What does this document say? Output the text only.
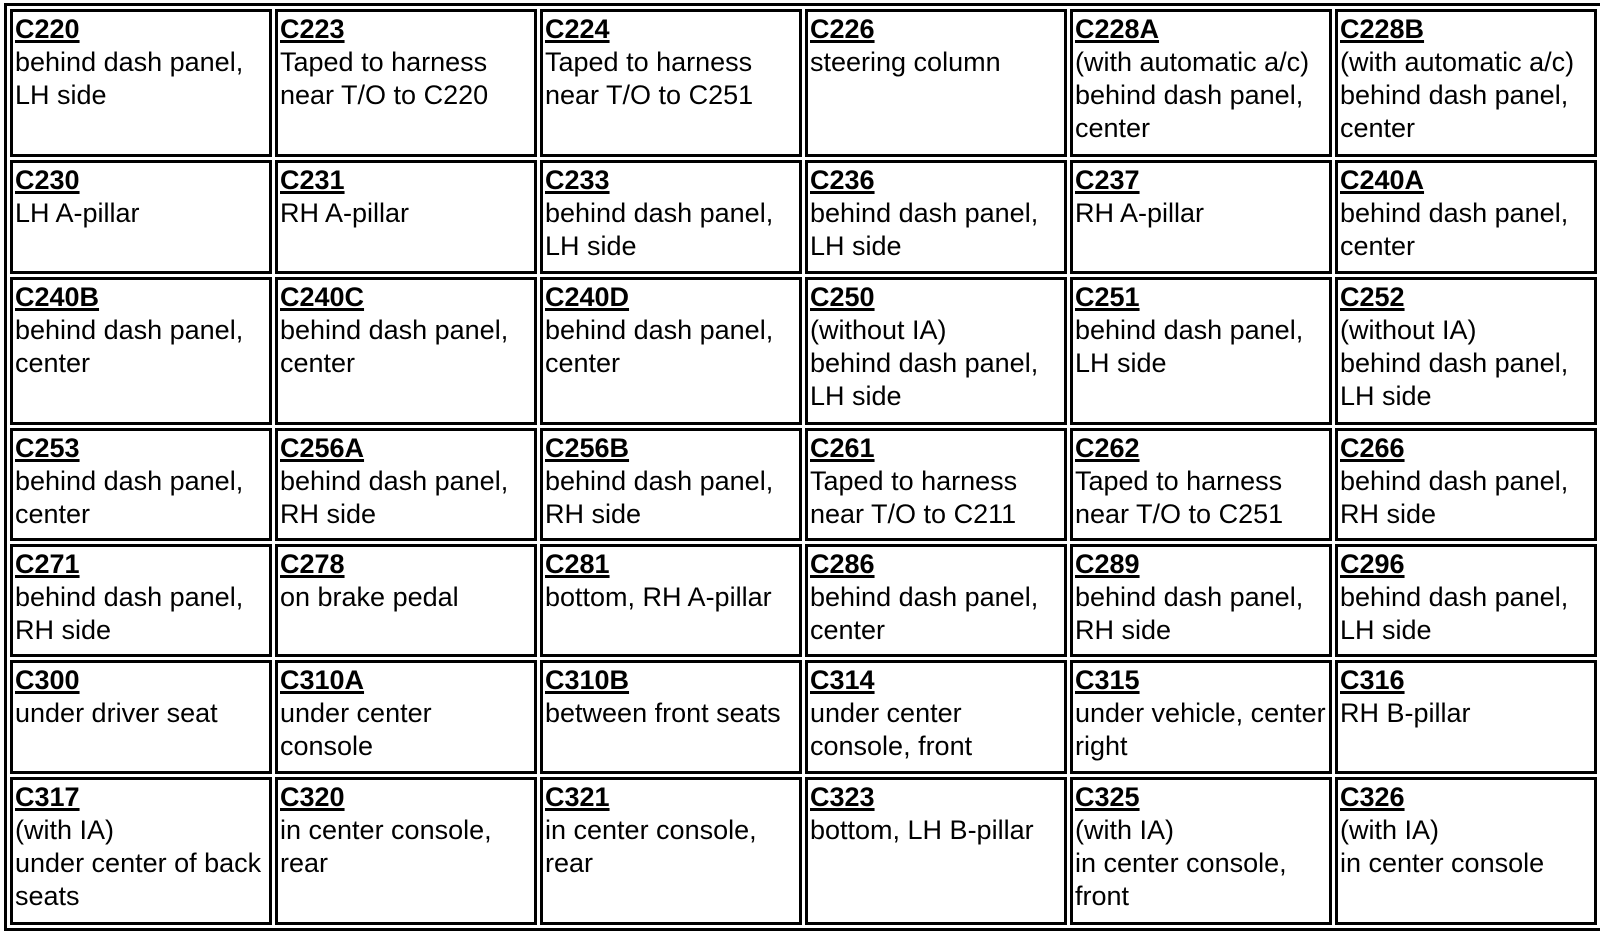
C220
behind dash panel, LH side	C223
Taped to harness near T/O to C220	C224
Taped to harness near T/O to C251	C226
steering column	C228A
(with automatic a/c)
behind dash panel, center	C228B
(with automatic a/c)
behind dash panel, center

C230
LH A-pillar	C231
RH A-pillar	C233
behind dash panel, LH side	C236
behind dash panel, LH side	C237
RH A-pillar	C240A
behind dash panel, center

C240B
behind dash panel, center	C240C
behind dash panel, center	C240D
behind dash panel, center	C250
(without IA)
behind dash panel, LH side	C251
behind dash panel, LH side	C252
(without IA)
behind dash panel, LH side

C253
behind dash panel, center	C256A
behind dash panel, RH side	C256B
behind dash panel, RH side	C261
Taped to harness near T/O to C211	C262
Taped to harness near T/O to C251	C266
behind dash panel, RH side

C271
behind dash panel, RH side	C278
on brake pedal	C281
bottom, RH A-pillar	C286
behind dash panel, center	C289
behind dash panel, RH side	C296
behind dash panel, LH side

C300
under driver seat	C310A
under center console	C310B
between front seats	C314
under center console, front	C315
under vehicle, center right	C316
RH B-pillar

C317
(with IA)
under center of back seats	C320
in center console, rear	C321
in center console, rear	C323
bottom, LH B-pillar	C325
(with IA)
in center console, front	C326
(with IA)
in center console
